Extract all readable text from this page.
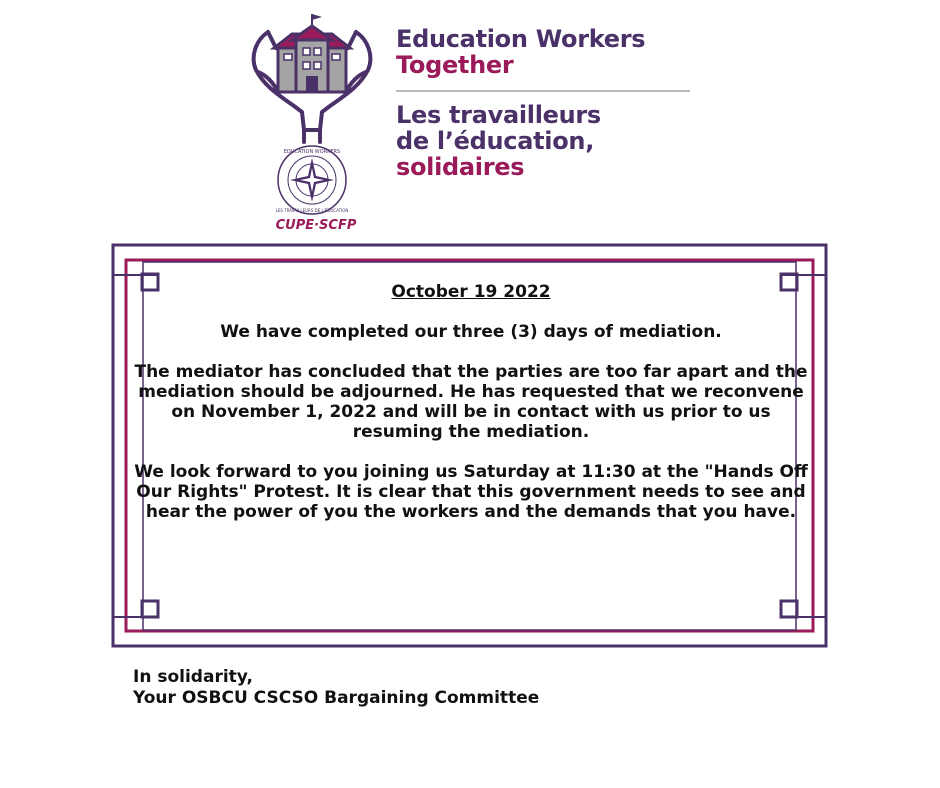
EDUCATION WORKERS
LES TRAVAILLEURS DE L'ÉDUCATION
CUPE·SCFP
Education Workers
Together
Les travailleurs
de l’éducation,
solidaires
October 19 2022

We have completed our three (3) days of mediation.

The mediator has concluded that the parties are too far apart and the mediation should be adjourned. He has requested that we reconvene on November 1, 2022 and will be in contact with us prior to us resuming the mediation.

We look forward to you joining us Saturday at 11:30 at the "Hands Off Our Rights" Protest. It is clear that this government needs to see and hear the power of you the workers and the demands that you have.

In solidarity,
Your OSBCU CSCSO Bargaining Committee
